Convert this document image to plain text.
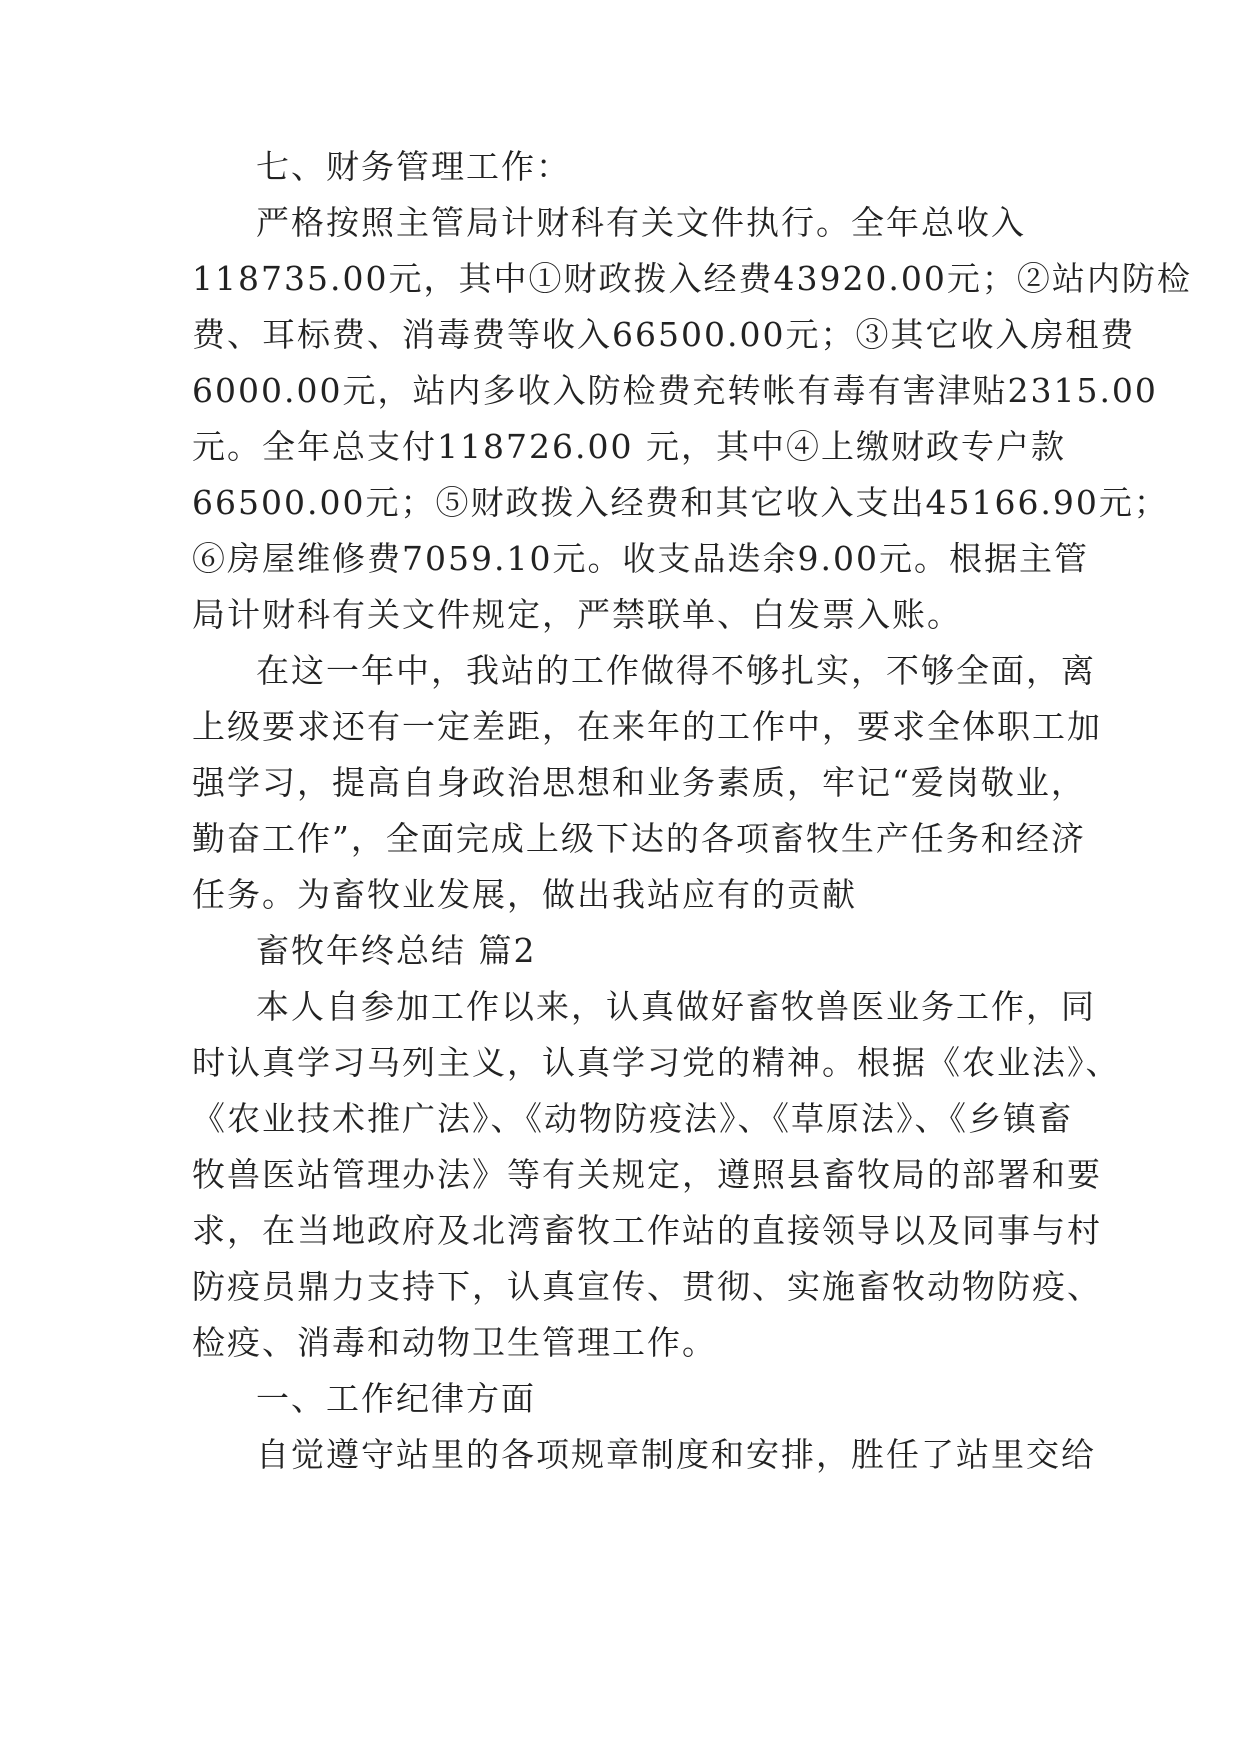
七、财务管理工作：
严格按照主管局计财科有关文件执行。全年总收入
118735.00元，其中①财政拨入经费43920.00元；②站内防检
费、耳标费、消毒费等收入66500.00元；③其它收入房租费
6000.00元，站内多收入防检费充转帐有毒有害津贴2315.00
元。全年总支付118726.00 元，其中④上缴财政专户款
66500.00元；⑤财政拨入经费和其它收入支出45166.90元；
⑥房屋维修费7059.10元。收支品迭余9.00元。根据主管
局计财科有关文件规定，严禁联单、白发票入账。
在这一年中，我站的工作做得不够扎实，不够全面，离
上级要求还有一定差距，在来年的工作中，要求全体职工加
强学习，提高自身政治思想和业务素质，牢记“爱岗敬业，
勤奋工作”，全面完成上级下达的各项畜牧生产任务和经济
任务。为畜牧业发展，做出我站应有的贡献
畜牧年终总结 篇2
本人自参加工作以来，认真做好畜牧兽医业务工作，同
时认真学习马列主义，认真学习党的精神。根据《农业法》、
《农业技术推广法》、《动物防疫法》、《草原法》、《乡镇畜
牧兽医站管理办法》等有关规定，遵照县畜牧局的部署和要
求，在当地政府及北湾畜牧工作站的直接领导以及同事与村
防疫员鼎力支持下，认真宣传、贯彻、实施畜牧动物防疫、
检疫、消毒和动物卫生管理工作。
一、工作纪律方面
自觉遵守站里的各项规章制度和安排，胜任了站里交给
